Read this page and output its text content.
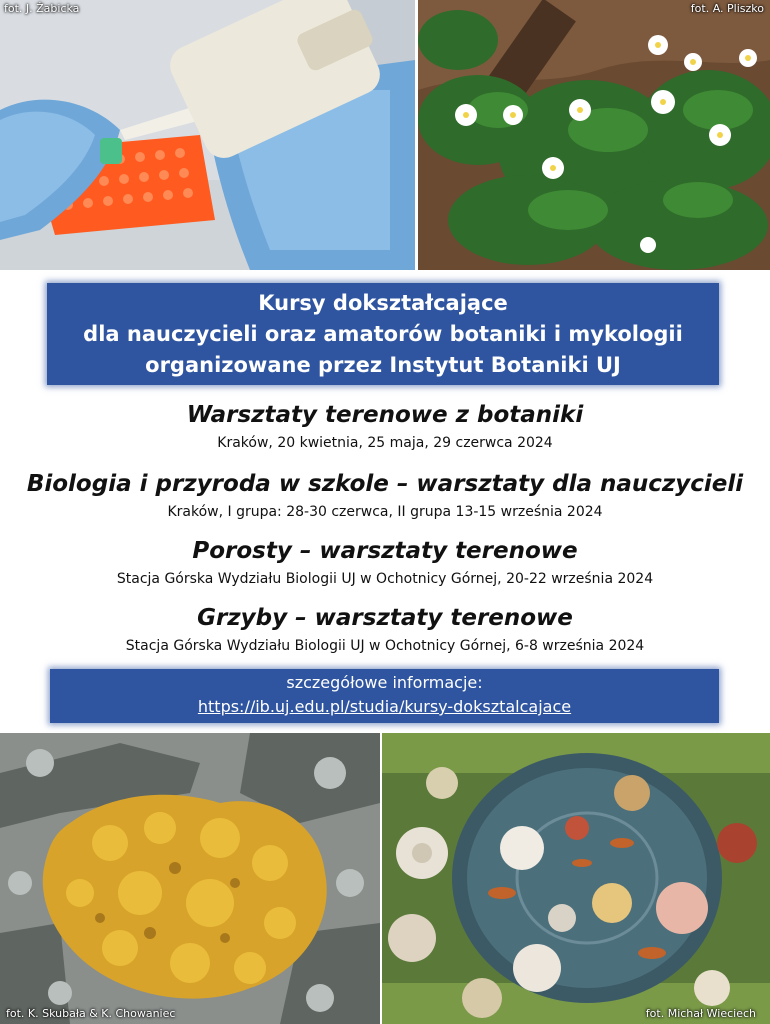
fot. J. Żabicka	fot. A. Pliszko
Kursy dokształcające
dla nauczycieli oraz amatorów botaniki i mykologii
organizowane przez Instytut Botaniki UJ
Warsztaty terenowe z botaniki
Kraków, 20 kwietnia, 25 maja, 29 czerwca 2024
Biologia i przyroda w szkole – warsztaty dla nauczycieli
Kraków, I grupa: 28-30 czerwca, II grupa 13-15 września 2024
Porosty – warsztaty terenowe
Stacja Górska Wydziału Biologii UJ w Ochotnicy Górnej, 20-22 września 2024
Grzyby – warsztaty terenowe
Stacja Górska Wydziału Biologii UJ w Ochotnicy Górnej, 6-8 września 2024
szczegółowe informacje:
https://ib.uj.edu.pl/studia/kursy-doksztalcajace
fot. K. Skubała & K. Chowaniec	fot. Michał Wieciech
